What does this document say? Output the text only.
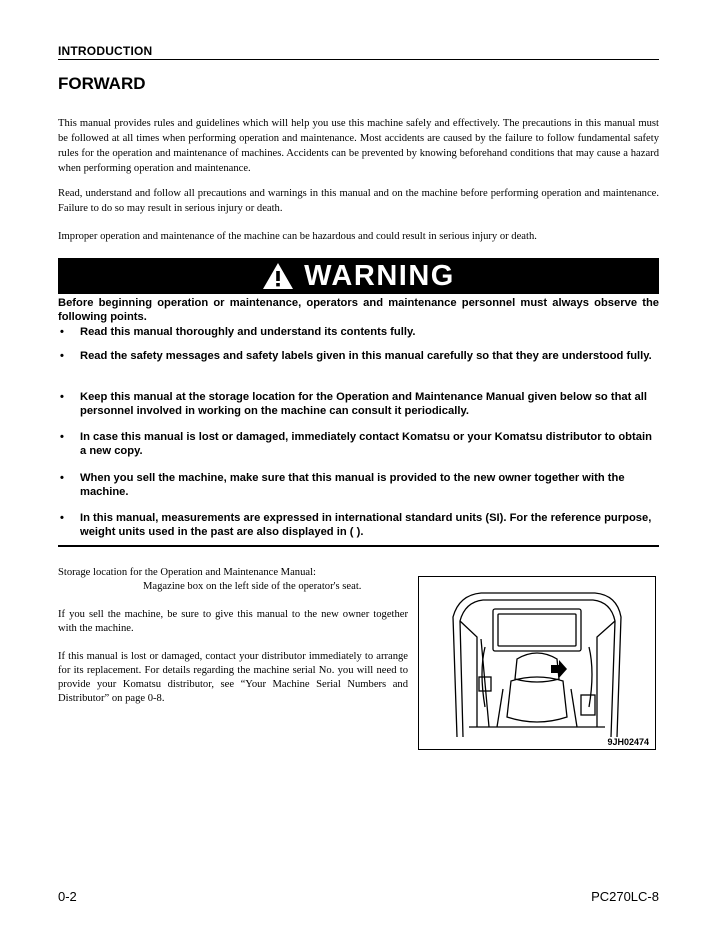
INTRODUCTION
FORWARD

This manual provides rules and guidelines which will help you use this machine safely and effectively. The precautions in this manual must be followed at all times when performing operation and maintenance. Most accidents are caused by the failure to follow fundamental safety rules for the operation and maintenance of machines. Accidents can be prevented by knowing beforehand conditions that may cause a hazard when performing operation and maintenance.

Read, understand and follow all precautions and warnings in this manual and on the machine before performing operation and maintenance. Failure to do so may result in serious injury or death.

Improper operation and maintenance of the machine can be hazardous and could result in serious injury or death.

WARNING

Before beginning operation or maintenance, operators and maintenance personnel must always observe the following points.

• Read this manual thoroughly and understand its contents fully.
• Read the safety messages and safety labels given in this manual carefully so that they are understood fully.
• Keep this manual at the storage location for the Operation and Maintenance Manual given below so that all personnel involved in working on the machine can consult it periodically.
• In case this manual is lost or damaged, immediately contact Komatsu or your Komatsu distributor to obtain a new copy.
• When you sell the machine, make sure that this manual is provided to the new owner together with the machine.
• In this manual, measurements are expressed in international standard units (SI). For the reference purpose, weight units used in the past are also displayed in ( ).

Storage location for the Operation and Maintenance Manual:

Magazine box on the left side of the operator's seat.

If you sell the machine, be sure to give this manual to the new owner together with the machine.

If this manual is lost or damaged, contact your distributor immediately to arrange for its replacement. For details regarding the machine serial No. you will need to provide your Komatsu distributor, see “Your Machine Serial Numbers and Distributor” on page 0-8.

9JH02474
0-2	PC270LC-8
